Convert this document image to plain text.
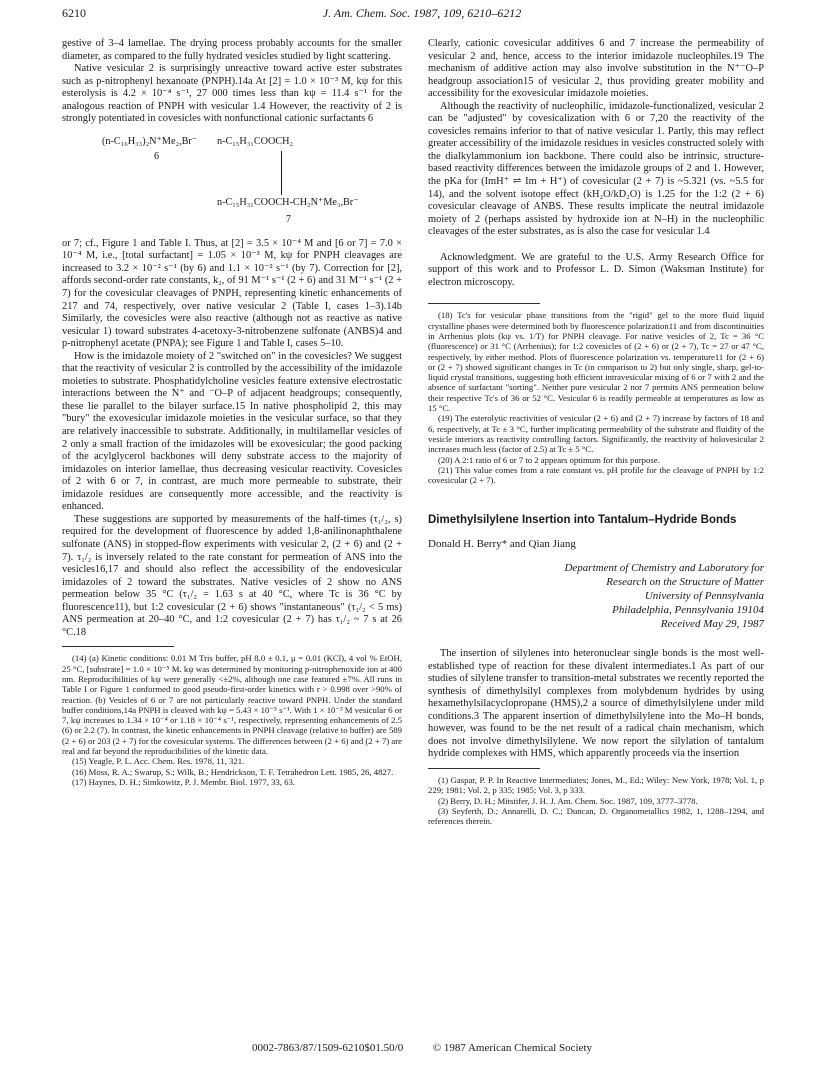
6210	J. Am. Chem. Soc. 1987, 109, 6210–6212

gestive of 3–4 lamellae. The drying process probably accounts for the smaller diameter, as compared to the fully hydrated vesicles studied by light scattering.

Native vesicular 2 is surprisingly unreactive toward active ester substrates such as p-nitrophenyl hexanoate (PNPH).14a At [2] = 1.0 × 10⁻³ M, kψ for this esterolysis is 4.2 × 10⁻⁴ s⁻¹, 27 000 times less than kψ = 11.4 s⁻¹ for the analogous reaction of PNPH with vesicular 1.4 However, the reactivity of 2 is strongly potentiated in covesicles with nonfunctional cationic surfactants 6

(n-C₁₆H₃₃)₂N⁺Me₂,Br⁻
6
n-C₁₅H₃₁COOCH₂
n-C₁₅H₃₁COOCH-CH₂N⁺Me₃,Br⁻
7

or 7; cf., Figure 1 and Table I. Thus, at [2] = 3.5 × 10⁻⁴ M and [6 or 7] = 7.0 × 10⁻⁴ M, i.e., [total surfactant] = 1.05 × 10⁻³ M, kψ for PNPH cleavages are increased to 3.2 × 10⁻² s⁻¹ (by 6) and 1.1 × 10⁻² s⁻¹ (by 7). Correction for [2], affords second-order rate constants, k₂, of 91 M⁻¹ s⁻¹ (2 + 6) and 31 M⁻¹ s⁻¹ (2 + 7) for the covesicular cleavages of PNPH, representing kinetic enhancements of 217 and 74, respectively, over native vesicular 2 (Table I, cases 1–3).14b Similarly, the covesicles were also reactive (although not as reactive as native vesicular 1) toward substrates 4-acetoxy-3-nitrobenzene sulfonate (ANBS)4 and p-nitrophenyl acetate (PNPA); see Figure 1 and Table I, cases 5–10.

How is the imidazole moiety of 2 "switched on" in the covesicles? We suggest that the reactivity of vesicular 2 is controlled by the accessibility of the imidazole moieties to substrate. Phosphatidylcholine vesicles feature extensive electrostatic interactions between the N⁺ and ⁻O–P of adjacent headgroups; consequently, these lie parallel to the bilayer surface.15 In native phospholipid 2, this may "bury" the exovesicular imidazole moieties in the vesicular surface, so that they are relatively inaccessible to substrate. Additionally, in multilamellar vesicles of 2 only a small fraction of the imidazoles will be exovesicular; the good packing of the acylglycerol backbones will deny substrate access to the majority of imidazoles on interior lamellae, thus decreasing vesicular reactivity. Covesicles of 2 with 6 or 7, in contrast, are much more permeable to substrate, their imidazole residues are consequently more accessible, and the reactivity is enhanced.

These suggestions are supported by measurements of the half-times (τ₁/₂, s) required for the development of fluorescence by added 1,8-anilinonaphthalene sulfonate (ANS) in stopped-flow experiments with vesicular 2, (2 + 6) and (2 + 7). τ₁/₂ is inversely related to the rate constant for permeation of ANS into the vesicles16,17 and should also reflect the accessibility of the endovesicular imidazoles of 2 toward the substrates. Native vesicles of 2 show no ANS permeation below 35 °C (τ₁/₂ = 1.63 s at 40 °C, where Tc is 36 °C by fluorescence11), but 1:2 covesicular (2 + 6) shows "instantaneous" (τ₁/₂ < 5 ms) ANS permeation at 20–40 °C, and 1:2 covesicular (2 + 7) has τ₁/₂ ~ 7 s at 26 °C.18

(14) (a) Kinetic conditions: 0.01 M Tris buffer, pH 8.0 ± 0.1, μ = 0.01 (KCl), 4 vol % EtOH, 25 °C, [substrate] = 1.0 × 10⁻⁵ M. kψ was determined by monitoring p-nitrophenoxide ion at 400 nm. Reproducibilities of kψ were generally <±2%, although one case featured ±7%. All runs in Table I or Figure 1 conformed to good pseudo-first-order kinetics with r > 0.998 over >90% of reaction. (b) Vesicles of 6 or 7 are not particularly reactive toward PNPH. Under the standard buffer conditions,14a PNPH is cleaved with kψ = 5.43 × 10⁻⁵ s⁻¹. With 1 × 10⁻³ M vesicular 6 or 7, kψ increases to 1.34 × 10⁻⁴ or 1.18 × 10⁻⁴ s⁻¹, respectively, representing enhancements of 2.5 (6) or 2.2 (7). In contrast, the kinetic enhancements in PNPH cleavage (relative to buffer) are 589 (2 + 6) or 203 (2 + 7) for the covesicular systems. The differences between (2 + 6) and (2 + 7) are real and far beyond the reproducibilities of the kinetic data.

(15) Yeagle, P. L. Acc. Chem. Res. 1978, 11, 321.

(16) Moss, R. A.; Swarup, S.; Wilk, B.; Hendrickson, T. F. Tetrahedron Lett. 1985, 26, 4827.

(17) Haynes, D. H.; Simkowitz, P. J. Membr. Biol. 1977, 33, 63.

Clearly, cationic covesicular additives 6 and 7 increase the permeability of vesicular 2 and, hence, access to the interior imidazole nucleophiles.19 The mechanism of additive action may also involve substitution in the N⁺⁻O–P headgroup association15 of vesicular 2, thus providing greater mobility and accessibility for the exovesicular imidazole moieties.

Although the reactivity of nucleophilic, imidazole-functionalized, vesicular 2 can be "adjusted" by covesicalization with 6 or 7,20 the reactivity of the covesicles remains inferior to that of native vesicular 1. Partly, this may reflect greater accessibility of the imidazole residues in vesicles constructed solely with the dialkylammonium ion backbone. There could also be intrinsic, structure-based reactivity differences between the imidazole groups of 2 and 1. However, the pKa for (ImH⁺ ⇌ Im + H⁺) of covesicular (2 + 7) is ~5.321 (vs. ~5.5 for 14), and the solvent isotope effect (kH₂O/kD₂O) is 1.25 for the 1:2 (2 + 6) covesicular cleavage of ANBS. These results implicate the neutral imidazole moiety of 2 (perhaps assisted by hydroxide ion at N–H) in the nucleophilic cleavages of the ester substrates, as is also the case for vesicular 1.4

Acknowledgment. We are grateful to the U.S. Army Research Office for support of this work and to Professor L. D. Simon (Waksman Institute) for electron microscopy.

(18) Tc's for vesicular phase transitions from the "rigid" gel to the more fluid liquid crystalline phases were determined both by fluorescence polarization11 and from discontinuities in Arrhenius plots (kψ vs. 1/T) for PNPH cleavage. For native vesicles of 2, Tc = 36 °C (fluorescence) or 31 °C (Arrhenius); for 1:2 covesicles of (2 + 6) or (2 + 7), Tc = 27 or 47 °C, respectively, by either method. Plots of fluorescence polarization vs. temperature11 for (2 + 6) or (2 + 7) showed significant changes in Tc (in comparison to 2) but only single, sharp, gel-to-liquid crystal transitions, suggesting both efficient intravesicular mixing of 6 or 7 with 2 and the absence of surfactant "sorting". Neither pure vesicular 2 nor 7 permits ANS permeation below their respective Tc's of 36 or 52 °C. Vesicular 6 is readily permeable at temperatures as low as 15 °C.

(19) The esterolytic reactivities of vesicular (2 + 6) and (2 + 7) increase by factors of 18 and 6, respectively, at Tc ± 3 °C, further implicating permeability of the substrate and fluidity of the vesicle interiors as reactivity controlling factors. Significantly, the reactivity of holovesicular 2 increases much less (factor of 2.5) at Tc ± 5 °C.

(20) A 2:1 ratio of 6 or 7 to 2 appears optimum for this purpose.

(21) This value comes from a rate constant vs. pH profile for the cleavage of PNPH by 1:2 covesicular (2 + 7).

Dimethylsilylene Insertion into Tantalum–Hydride Bonds
Donald H. Berry* and Qian Jiang
Department of Chemistry and Laboratory for
Research on the Structure of Matter
University of Pennsylvania
Philadelphia, Pennsylvania 19104
Received May 29, 1987

The insertion of silylenes into heteronuclear single bonds is the most well-established type of reaction for these divalent intermediates.1 As part of our studies of silylene transfer to transition-metal substrates we recently reported the synthesis of dimethylsilyl complexes from molybdenum hydrides by using hexamethylsilacyclopropane (HMS),2 a source of dimethylsilylene under mild conditions.3 The apparent insertion of dimethylsilylene into the Mo–H bonds, however, was found to be the net result of a radical chain mechanism, which does not involve dimethylsilylene. We now report the silylation of tantalum hydride complexes with HMS, which apparently proceeds via the insertion

(1) Gaspar, P. P. In Reactive Intermediates; Jones, M., Ed.; Wiley: New York, 1978; Vol. 1, p 229; 1981; Vol. 2, p 335; 1985; Vol. 3, p 333.

(2) Berry, D. H.; Mitstifer, J. H. J. Am. Chem. Soc. 1987, 109, 3777–3778.

(3) Seyferth, D.; Annarelli, D. C.; Duncan, D. Organometallics 1982, 1, 1288–1294, and references therein.

0002-7863/87/1509-6210$01.50/0	© 1987 American Chemical Society
